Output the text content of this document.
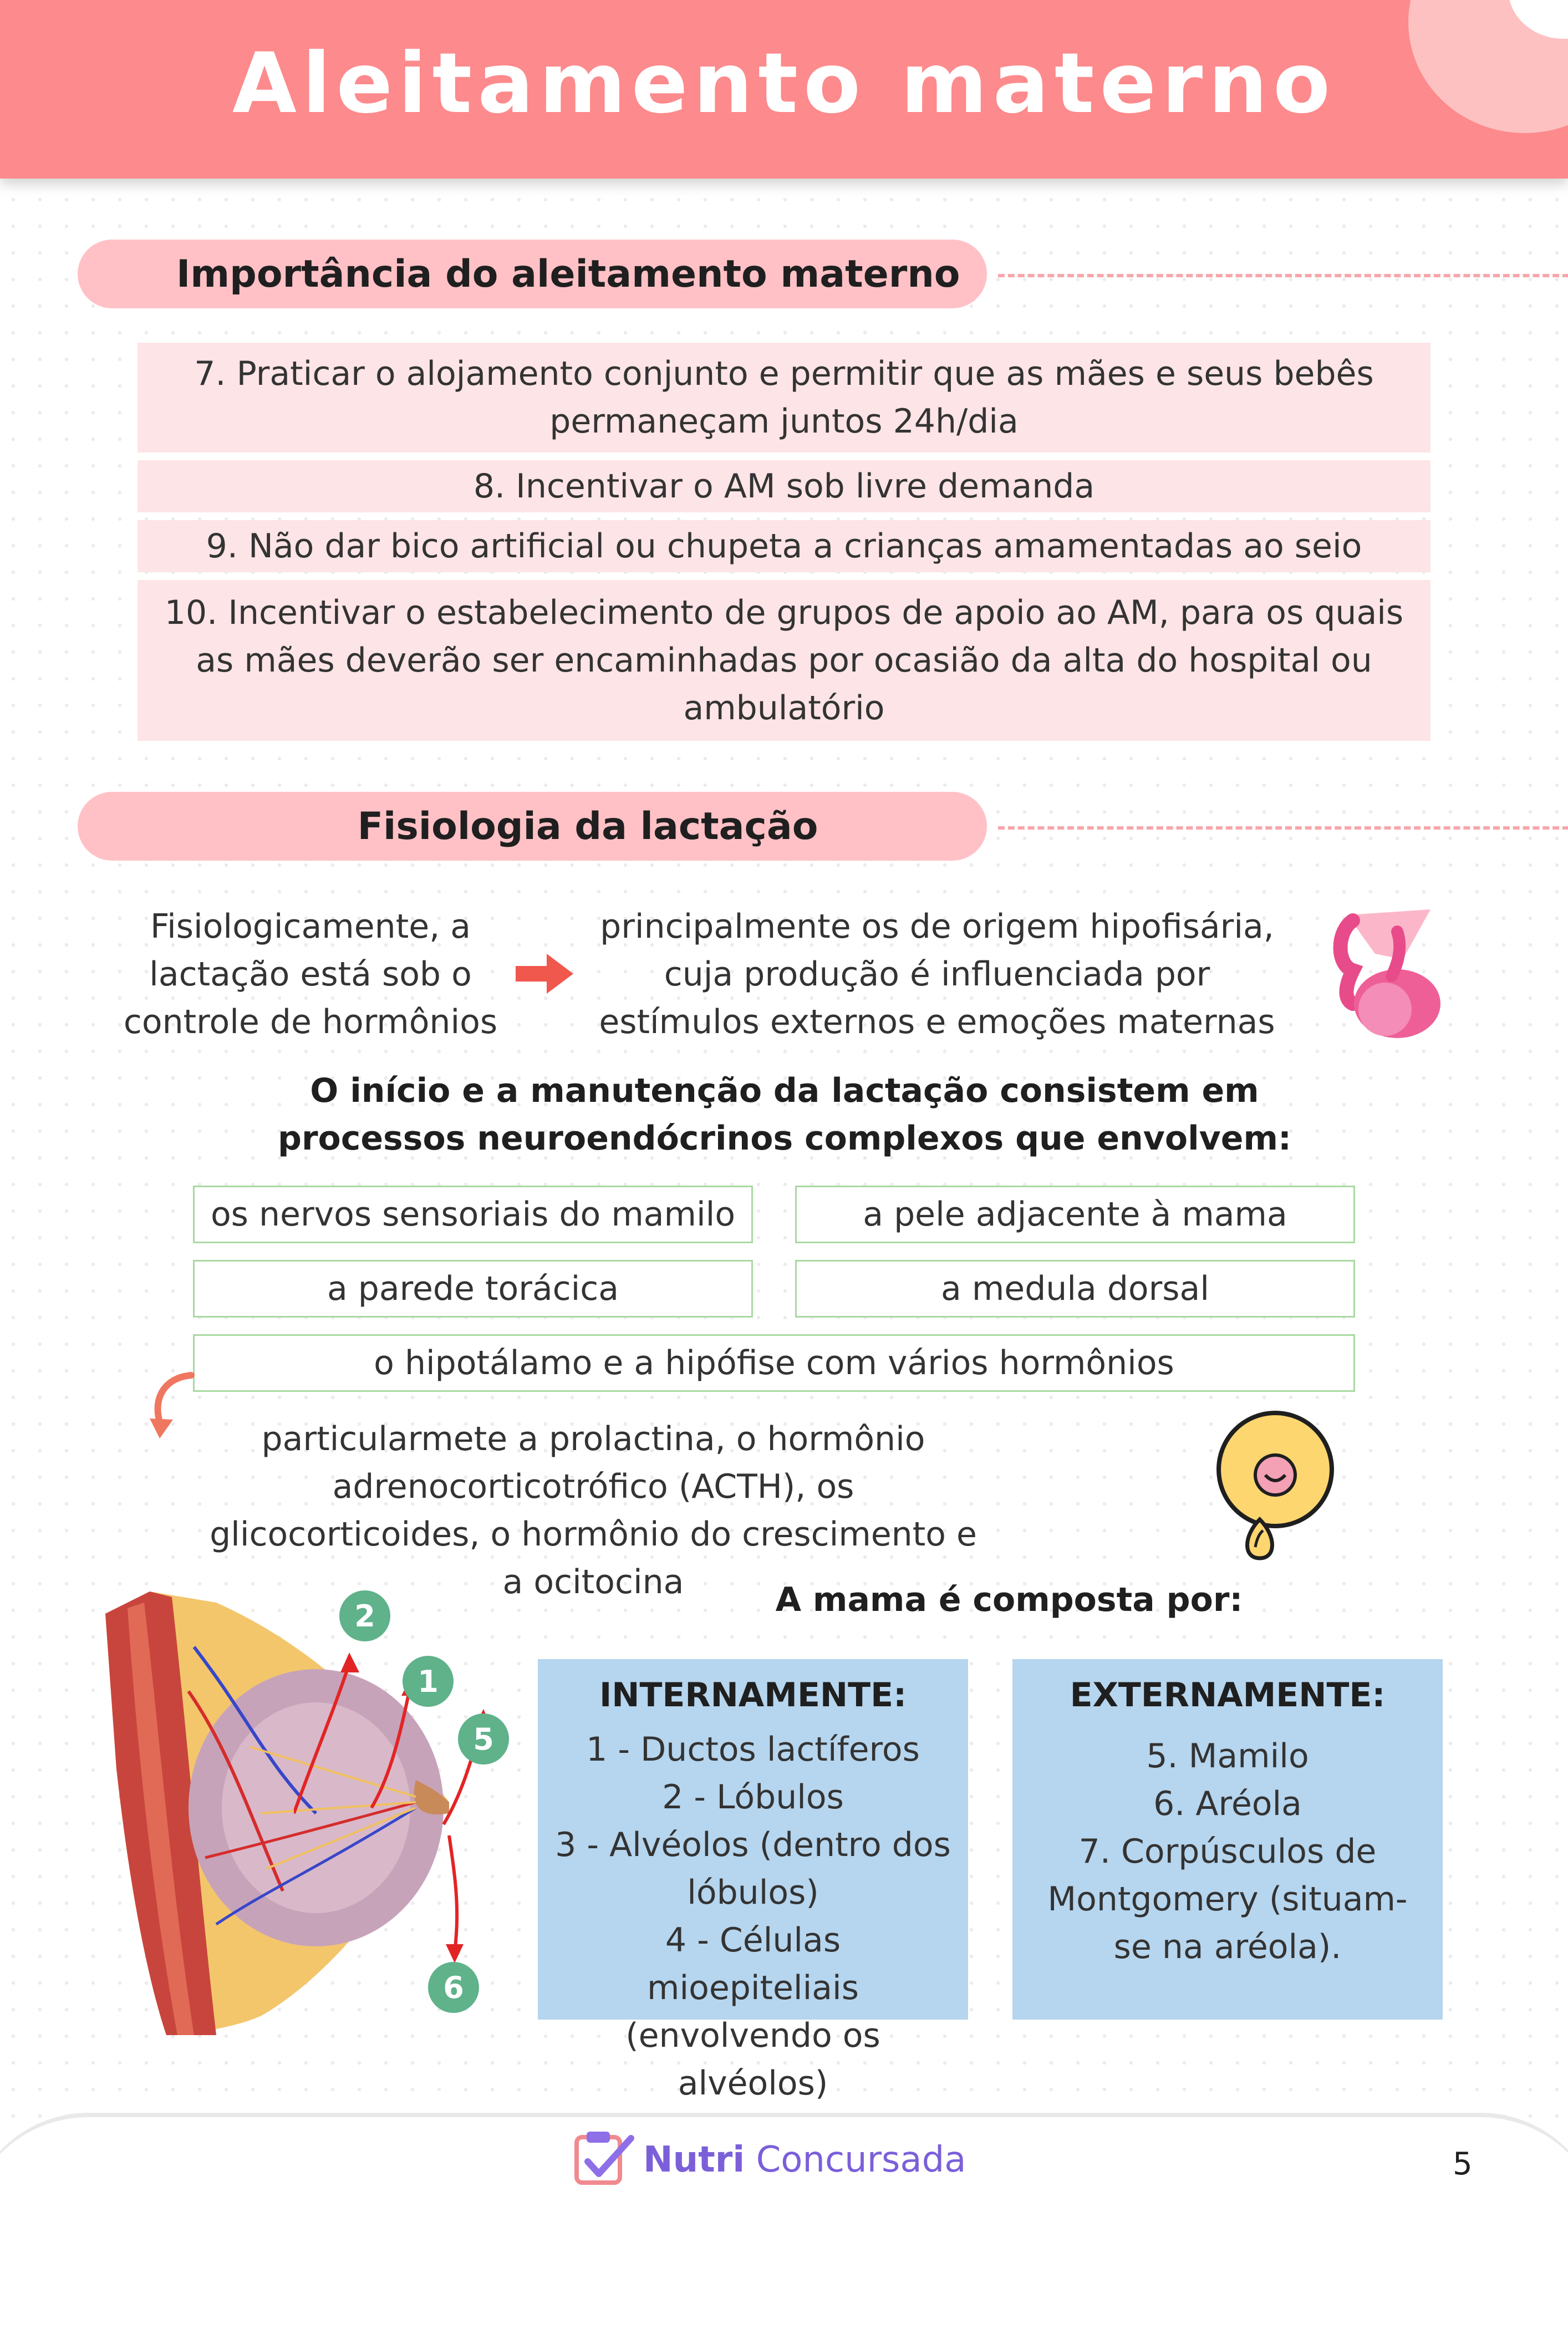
Aleitamento materno
Importância do aleitamento materno
7. Praticar o alojamento conjunto e permitir que as mães e seus bebês permaneçam juntos 24h/dia
8. Incentivar o AM sob livre demanda
9. Não dar bico artificial ou chupeta a crianças amamentadas ao seio
10. Incentivar o estabelecimento de grupos de apoio ao AM, para os quais as mães deverão ser encaminhadas por ocasião da alta do hospital ou ambulatório
Fisiologia da lactação
Fisiologicamente, a lactação está sob o controle de hormônios
principalmente os de origem hipofisária, cuja produção é influenciada por estímulos externos e emoções maternas
O início e a manutenção da lactação consistem em processos neuroendócrinos complexos que envolvem:
os nervos sensoriais do mamilo	a pele adjacente à mama
a parede torácica	a medula dorsal
o hipotálamo e a hipófise com vários hormônios
particularmete a prolactina, o hormônio adrenocorticotrófico (ACTH), os glicocorticoides, o hormônio do crescimento e a ocitocina
2
1
5
6
A mama é composta por:
INTERNAMENTE:
1 - Ductos lactíferos
2 - Lóbulos
3 - Alvéolos (dentro dos lóbulos)
4 - Células mioepiteliais (envolvendo os alvéolos)
EXTERNAMENTE:
5. Mamilo
6. Aréola
7. Corpúsculos de Montgomery (situam-se na aréola).
Nutri Concursada	5
